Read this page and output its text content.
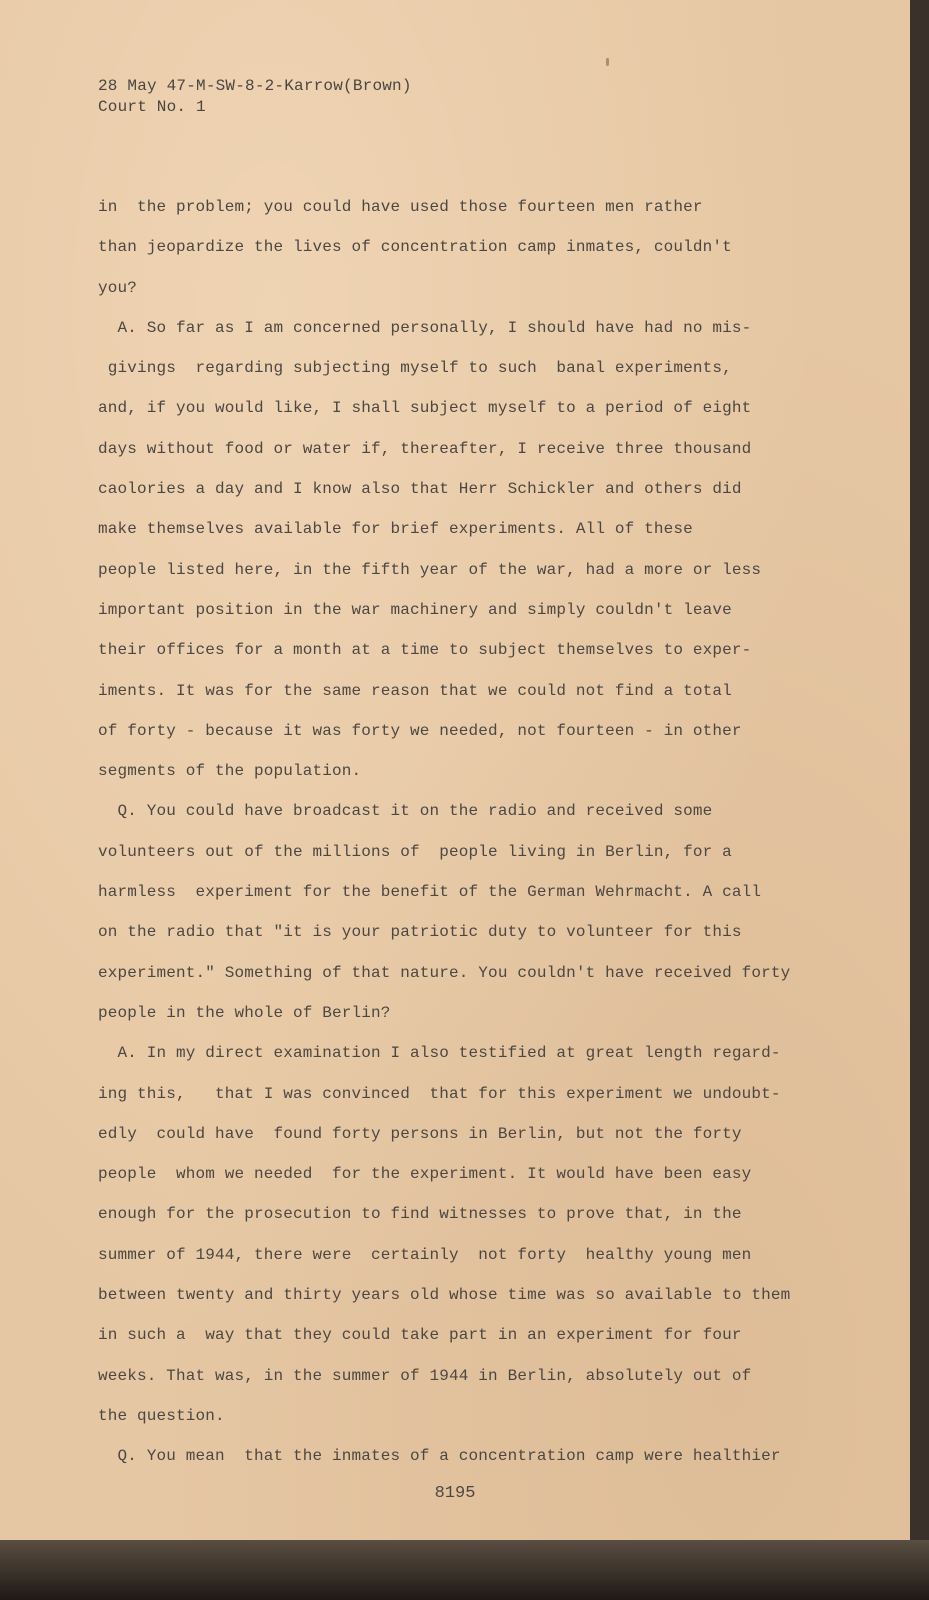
28 May 47-M-SW-8-2-Karrow(Brown)
Court No. 1
in  the problem; you could have used those fourteen men rather
than jeopardize the lives of concentration camp inmates, couldn't
you?
A. So far as I am concerned personally, I should have had no mis-
givings  regarding subjecting myself to such  banal experiments,
and, if you would like, I shall subject myself to a period of eight
days without food or water if, thereafter, I receive three thousand
caolories a day and I know also that Herr Schickler and others did
make themselves available for brief experiments. All of these
people listed here, in the fifth year of the war, had a more or less
important position in the war machinery and simply couldn't leave
their offices for a month at a time to subject themselves to exper-
iments. It was for the same reason that we could not find a total
of forty - because it was forty we needed, not fourteen - in other
segments of the population.
Q. You could have broadcast it on the radio and received some
volunteers out of the millions of  people living in Berlin, for a
harmless  experiment for the benefit of the German Wehrmacht. A call
on the radio that "it is your patriotic duty to volunteer for this
experiment." Something of that nature. You couldn't have received forty
people in the whole of Berlin?
A. In my direct examination I also testified at great length regard-
ing this,   that I was convinced  that for this experiment we undoubt-
edly  could have  found forty persons in Berlin, but not the forty
people  whom we needed  for the experiment. It would have been easy
enough for the prosecution to find witnesses to prove that, in the
summer of 1944, there were  certainly  not forty  healthy young men
between twenty and thirty years old whose time was so available to them
in such a  way that they could take part in an experiment for four
weeks. That was, in the summer of 1944 in Berlin, absolutely out of
the question.
Q. You mean  that the inmates of a concentration camp were healthier
8195
